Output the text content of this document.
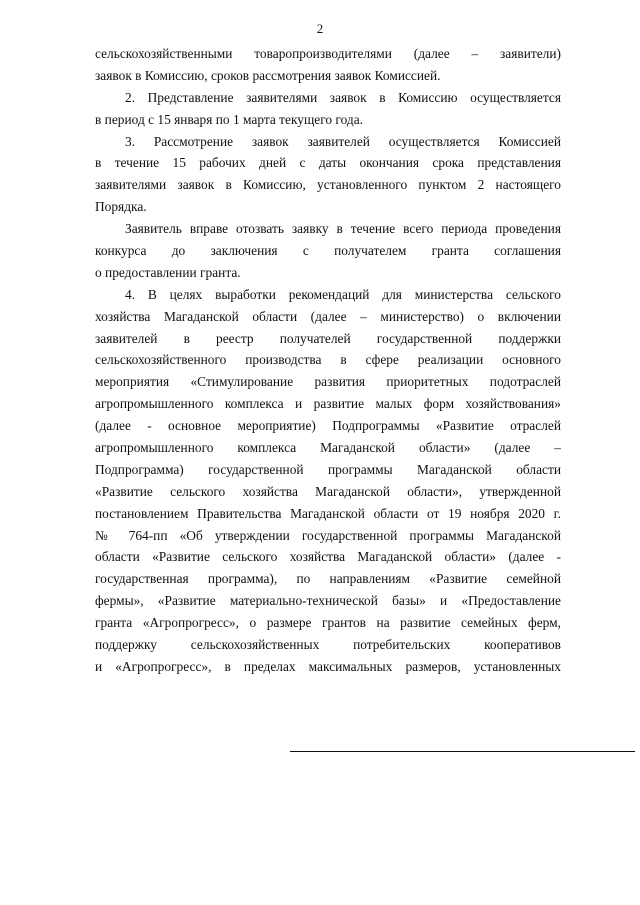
2
сельскохозяйственными товаропроизводителями (далее – заявители)
заявок в Комиссию, сроков рассмотрения заявок Комиссией.
2. Представление заявителями заявок в Комиссию осуществляется
в период с 15 января по 1 марта текущего года.
3. Рассмотрение заявок заявителей осуществляется Комиссией
в течение 15 рабочих дней с даты окончания срока представления
заявителями заявок в Комиссию, установленного пунктом 2 настоящего
Порядка.
Заявитель вправе отозвать заявку в течение всего периода проведения
конкурса до заключения с получателем гранта соглашения
о предоставлении гранта.
4. В целях выработки рекомендаций для министерства сельского
хозяйства Магаданской области (далее – министерство) о включении
заявителей в реестр получателей государственной поддержки
сельскохозяйственного производства в сфере реализации основного
мероприятия «Стимулирование развития приоритетных подотраслей
агропромышленного комплекса и развитие малых форм хозяйствования»
(далее - основное мероприятие) Подпрограммы «Развитие отраслей
агропромышленного комплекса Магаданской области» (далее –
Подпрограмма) государственной программы Магаданской области
«Развитие сельского хозяйства Магаданской области», утвержденной
постановлением Правительства Магаданской области от 19 ноября 2020 г.
№ 764-пп «Об утверждении государственной программы Магаданской
области «Развитие сельского хозяйства Магаданской области» (далее -
государственная программа), по направлениям «Развитие семейной
фермы», «Развитие материально-технической базы» и «Предоставление
гранта «Агропрогресс», о размере грантов на развитие семейных ферм,
поддержку сельскохозяйственных потребительских кооперативов
и «Агропрогресс», в пределах максимальных размеров, установленных
